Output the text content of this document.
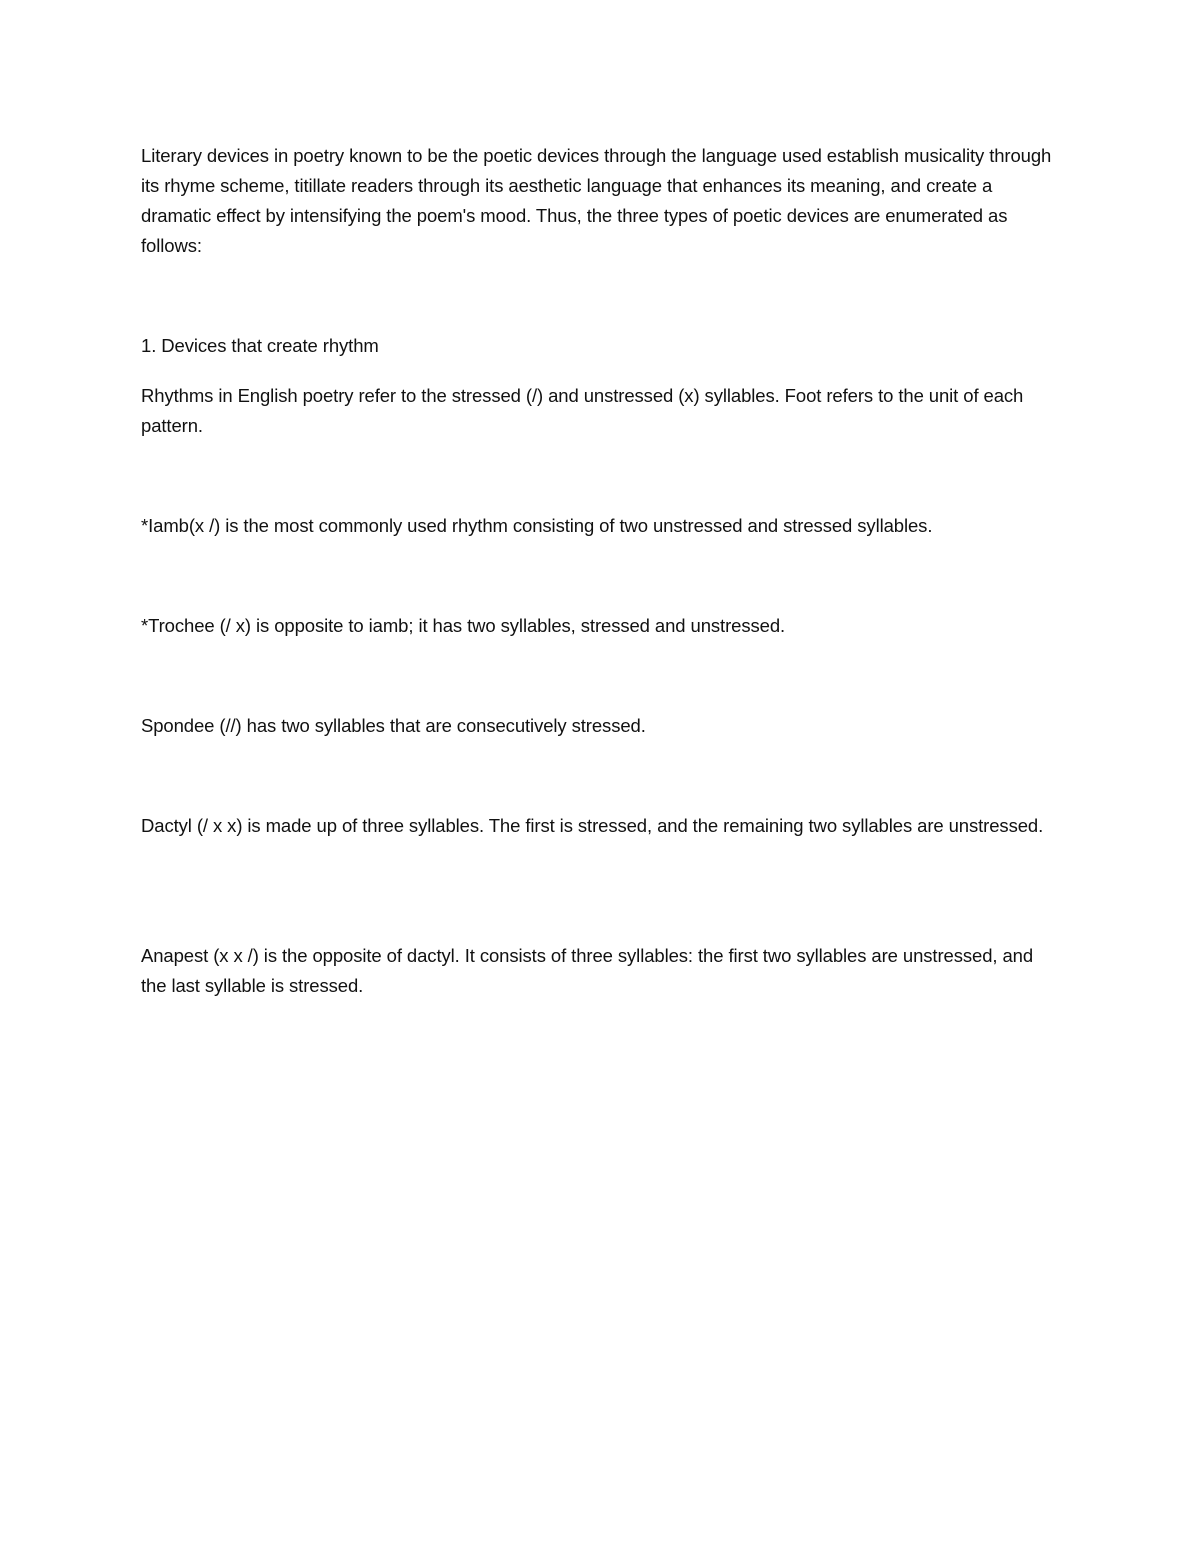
Literary devices in poetry known to be the poetic devices through the language used establish musicality through its rhyme scheme, titillate readers through its aesthetic language that enhances its meaning, and create a dramatic effect by intensifying the poem's mood. Thus, the three types of poetic devices are enumerated as follows:

1. Devices that create rhythm

Rhythms in English poetry refer to the stressed (/) and unstressed (x) syllables. Foot refers to the unit of each pattern.

*Iamb(x /) is the most commonly used rhythm consisting of two unstressed and stressed syllables.

*Trochee (/ x) is opposite to iamb; it has two syllables, stressed and unstressed.

Spondee (//) has two syllables that are consecutively stressed.

Dactyl (/ x x) is made up of three syllables. The first is stressed, and the remaining two syllables are unstressed.

Anapest (x x /) is the opposite of dactyl. It consists of three syllables: the first two syllables are unstressed, and the last syllable is stressed.
